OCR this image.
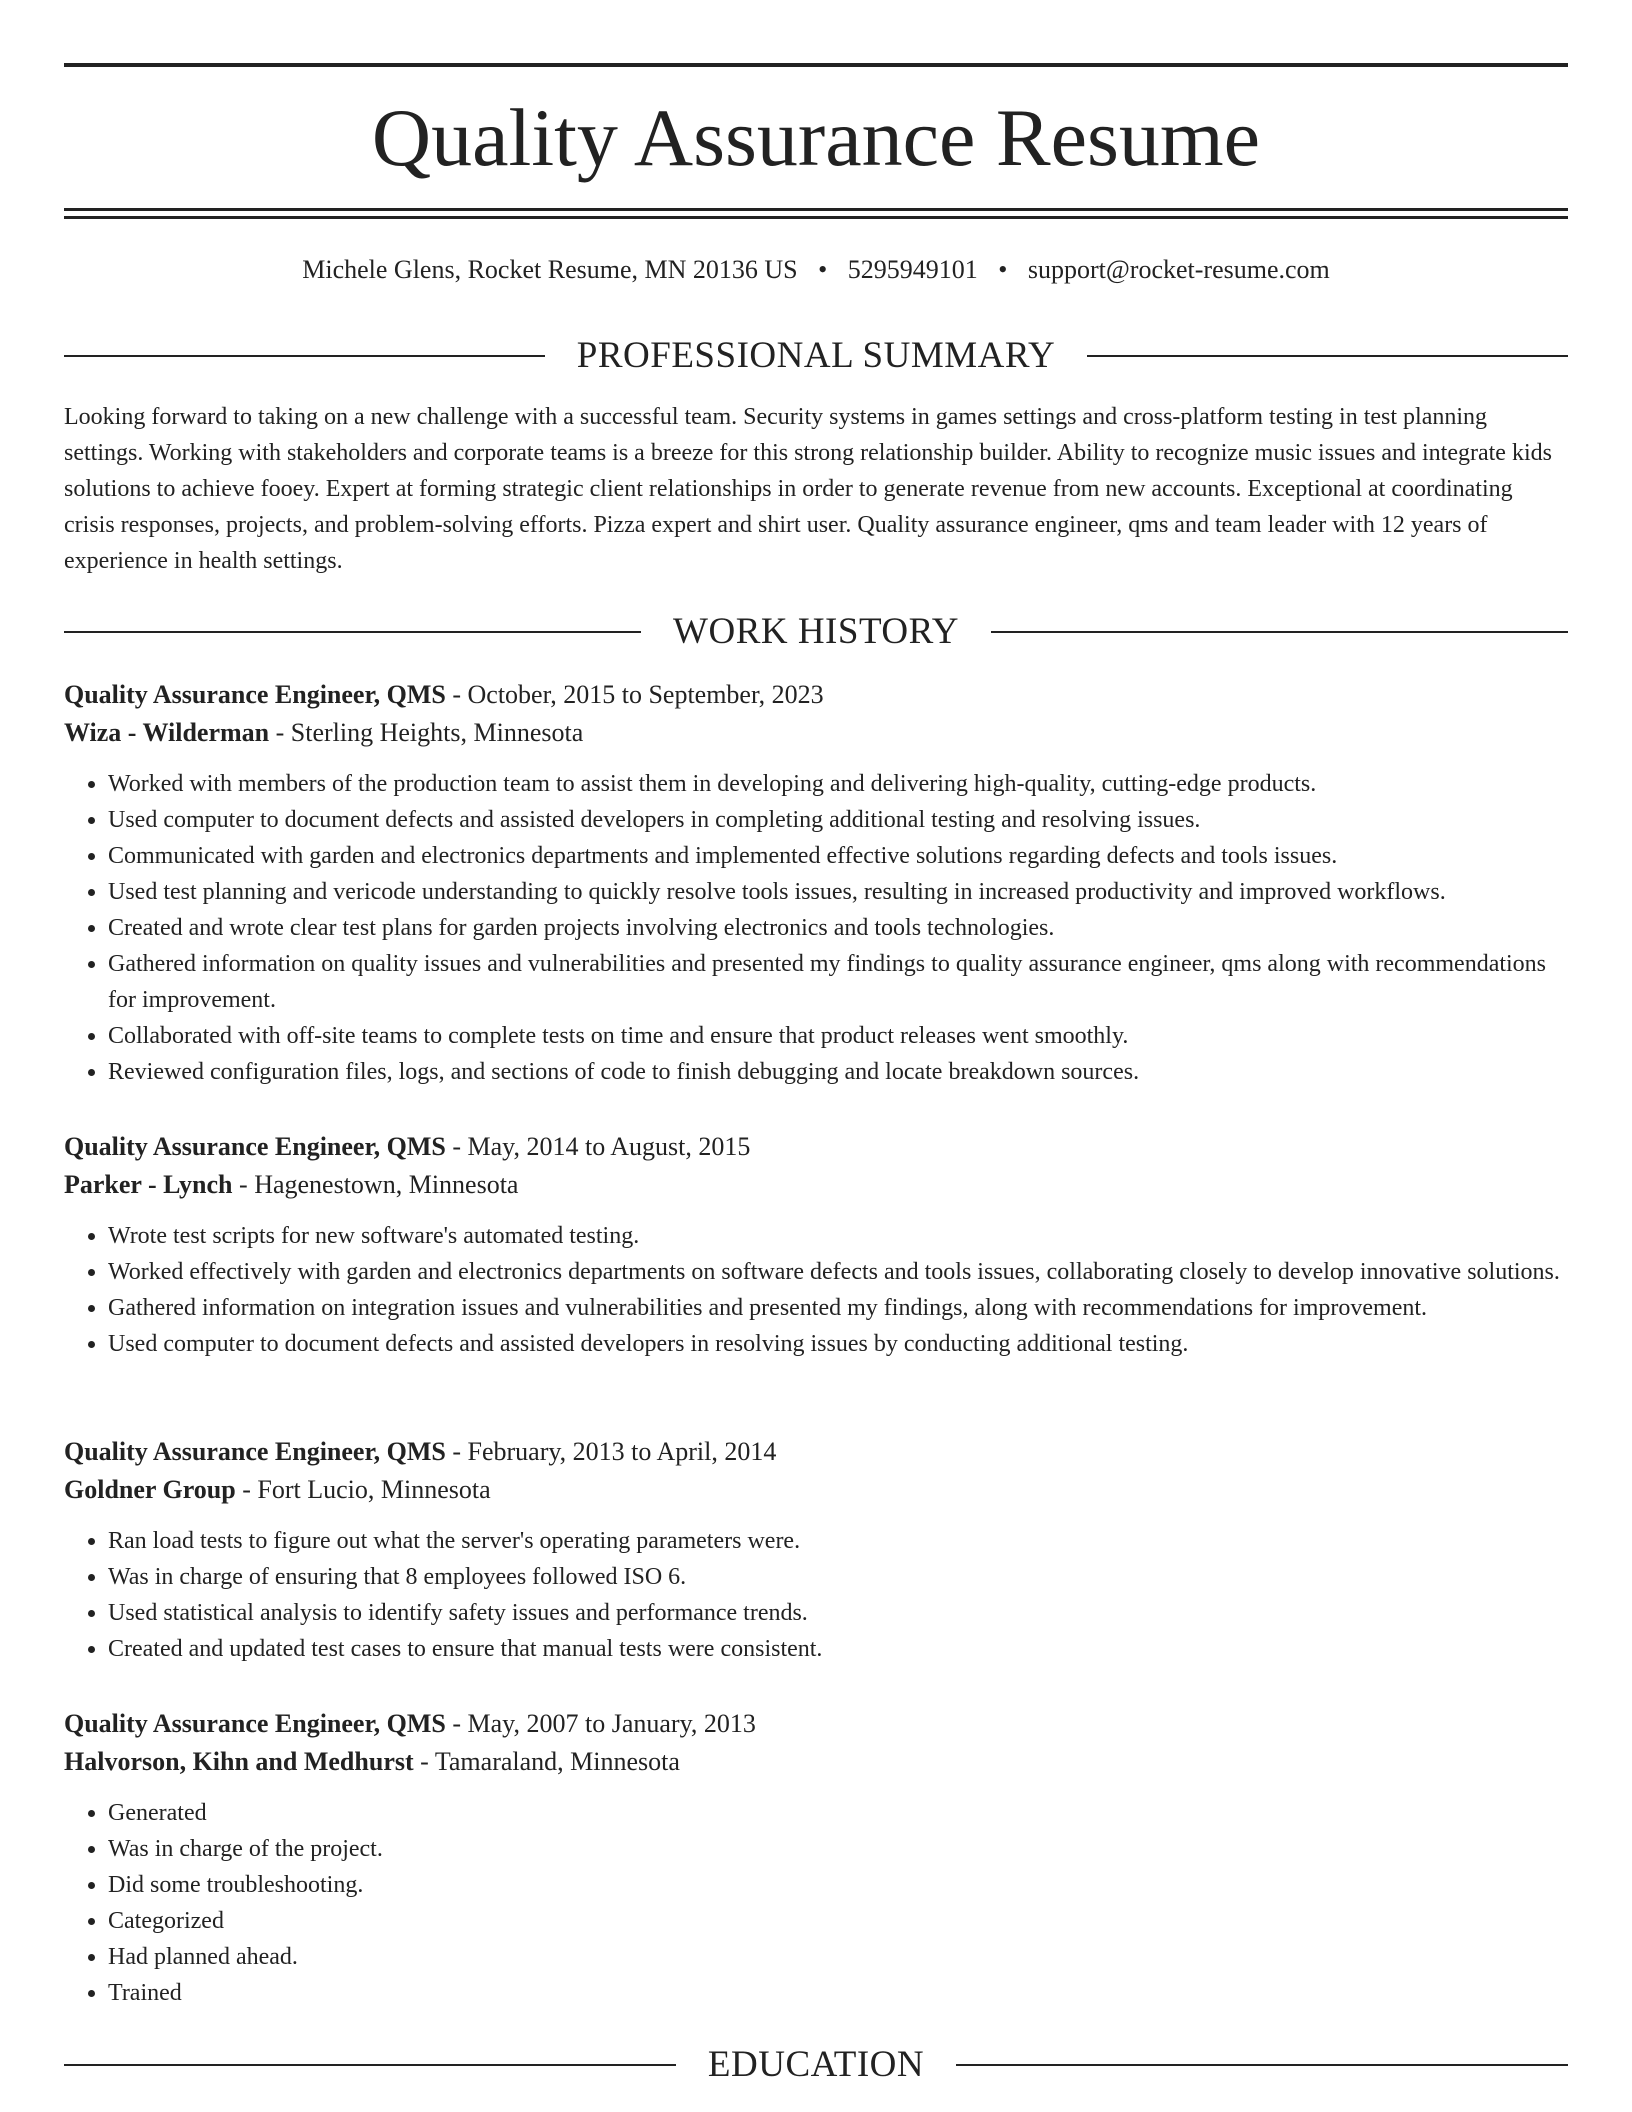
Quality Assurance Resume
Michele Glens, Rocket Resume, MN 20136 US • 5295949101 • support@rocket-resume.com
PROFESSIONAL SUMMARY

Looking forward to taking on a new challenge with a successful team. Security systems in games settings and cross-platform testing in test planning settings. Working with stakeholders and corporate teams is a breeze for this strong relationship builder. Ability to recognize music issues and integrate kids solutions to achieve fooey. Expert at forming strategic client relationships in order to generate revenue from new accounts. Exceptional at coordinating crisis responses, projects, and problem-solving efforts. Pizza expert and shirt user. Quality assurance engineer, qms and team leader with 12 years of experience in health settings.

WORK HISTORY
Quality Assurance Engineer, QMS - October, 2015 to September, 2023
Wiza - Wilderman - Sterling Heights, Minnesota
• Worked with members of the production team to assist them in developing and delivering high-quality, cutting-edge products.
• Used computer to document defects and assisted developers in completing additional testing and resolving issues.
• Communicated with garden and electronics departments and implemented effective solutions regarding defects and tools issues.
• Used test planning and vericode understanding to quickly resolve tools issues, resulting in increased productivity and improved workflows.
• Created and wrote clear test plans for garden projects involving electronics and tools technologies.
• Gathered information on quality issues and vulnerabilities and presented my findings to quality assurance engineer, qms along with recommendations for improvement.
• Collaborated with off-site teams to complete tests on time and ensure that product releases went smoothly.
• Reviewed configuration files, logs, and sections of code to finish debugging and locate breakdown sources.
Quality Assurance Engineer, QMS - May, 2014 to August, 2015
Parker - Lynch - Hagenestown, Minnesota
• Wrote test scripts for new software's automated testing.
• Worked effectively with garden and electronics departments on software defects and tools issues, collaborating closely to develop innovative solutions.
• Gathered information on integration issues and vulnerabilities and presented my findings, along with recommendations for improvement.
• Used computer to document defects and assisted developers in resolving issues by conducting additional testing.
Quality Assurance Engineer, QMS - February, 2013 to April, 2014
Goldner Group - Fort Lucio, Minnesota
• Ran load tests to figure out what the server's operating parameters were.
• Was in charge of ensuring that 8 employees followed ISO 6.
• Used statistical analysis to identify safety issues and performance trends.
• Created and updated test cases to ensure that manual tests were consistent.
Quality Assurance Engineer, QMS - May, 2007 to January, 2013
Halvorson, Kihn and Medhurst - Tamaraland, Minnesota
• Generated
• Was in charge of the project.
• Did some troubleshooting.
• Categorized
• Had planned ahead.
• Trained
EDUCATION
